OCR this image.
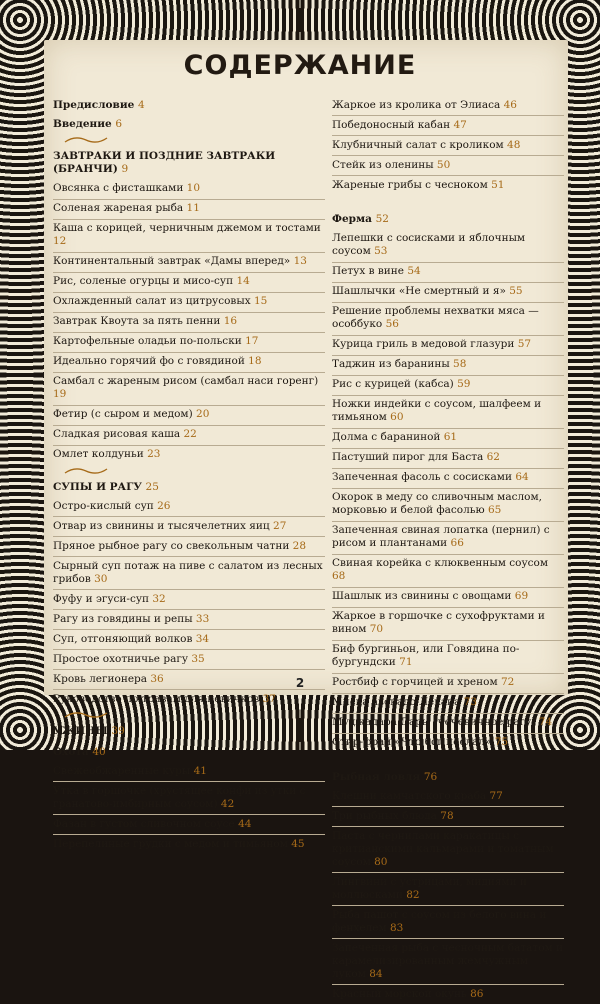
СОДЕРЖАНИЕ
Предисловие 4
Введение 6
ЗАВТРАКИ И ПОЗДНИЕ ЗАВТРАКИ (БРАНЧИ) 9
Овсянка с фисташками 10
Соленая жареная рыба 11
Каша с корицей, черничным джемом и тостами 12
Континентальный завтрак «Дамы вперед» 13
Рис, соленые огурцы и мисо-суп 14
Охлажденный салат из цитрусовых 15
Завтрак Квоута за пять пенни 16
Картофельные оладьи по-польски 17
Идеально горячий фо с говядиной 18
Самбал с жареным рисом (самбал наси горенг) 19
Фетир (с сыром и медом) 20
Сладкая рисовая каша 22
Омлет колдуньи 23
СУПЫ И РАГУ 25
Остро-кислый суп 26
Отвар из свинины и тысячелетних яиц 27
Пряное рыбное рагу со свекольным чатни 28
Сырный суп потаж на пиве с салатом из лесных грибов 30
Фуфу и эгуси-суп 32
Рагу из говядины и репы 33
Суп, отгоняющий волков 34
Простое охотничье рагу 35
Кровь легионера 36
Руководство по травам для новичков 37
УЖИНЫ 39
Охота 40
Свежеобжаренные куры 41
Утка в горшочке (хрустящее конфи из утки с гранатово-имбирным соусом) 42
Фазан в густом сливочном соусе 44
Перепелиные грудки с медом и тимьяном 45
Жаркое из кролика от Элиаса 46
Победоносный кабан 47
Клубничный салат с кроликом 48
Стейк из оленины 50
Жареные грибы с чесноком 51
Ферма 52
Лепешки с сосисками и яблочным соусом 53
Петух в вине 54
Шашлычки «Не смертный и я» 55
Решение проблемы нехватки мяса — особбуко 56
Курица гриль в медовой глазури 57
Таджин из баранины 58
Рис с курицей (кабса) 59
Ножки индейки с соусом, шалфеем и тимьяном 60
Долма с бараниной 61
Пастуший пирог для Баста 62
Запеченная фасоль с сосисками 64
Окорок в меду со сливочным маслом, морковью и белой фасолью 65
Запеченная свиная лопатка (пернил) с рисом и плантанами 66
Свиная корейка с клюквенным соусом 68
Шашлык из свинины с овощами 69
Жаркое в горшочке с сухофруктами и вином 70
Биф бургиньон, или Говядина по-бургундски 71
Ростбиф с горчицей и хреном 72
Миска авокадо Лекана 73
Муджадара Дары (чечевичное рагу) 74
Стир-фрай «Что бог послал» 75
Рыбная ловля 76
Клешни камчатского краба 77
Три рыбных блюда 78
Паста с чернилами каракатицы с критианскими кальмарами и томатным соусом 80
Лингвини с устрицами, мидиями и моллюсками 82
Рыба пашот с соусом из белого вина и фенхелем 83
Запеченная рыба с чесночным бататом и карамелизированным жемчужным луком 84
Красный морской окунь 86
2
